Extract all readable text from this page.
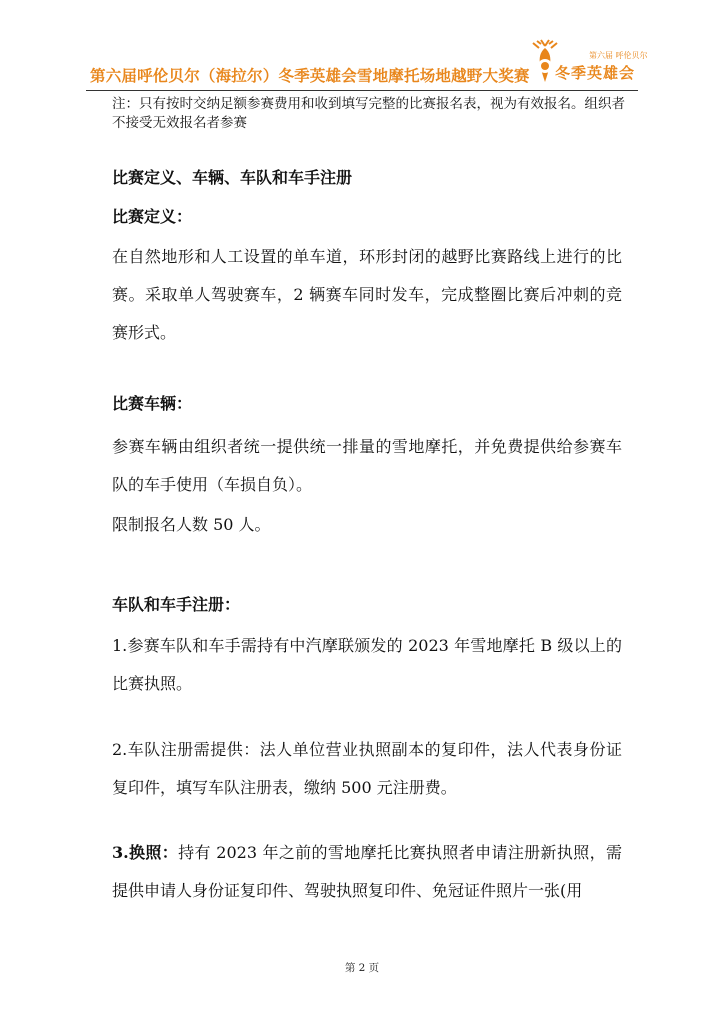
第六届呼伦贝尔（海拉尔）冬季英雄会雪地摩托场地越野大奖赛
第六届 呼伦贝尔
冬季英雄会
注：只有按时交纳足额参赛费用和收到填写完整的比赛报名表，视为有效报名。组织者不接受无效报名者参赛
比赛定义、车辆、车队和车手注册
比赛定义：
在自然地形和人工设置的单车道，环形封闭的越野比赛路线上进行的比赛。采取单人驾驶赛车，2 辆赛车同时发车，完成整圈比赛后冲刺的竞赛形式。
比赛车辆：
参赛车辆由组织者统一提供统一排量的雪地摩托，并免费提供给参赛车队的车手使用（车损自负）。
限制报名人数 50 人。
车队和车手注册：
1.参赛车队和车手需持有中汽摩联颁发的 2023 年雪地摩托 B 级以上的比赛执照。
2.车队注册需提供：法人单位营业执照副本的复印件，法人代表身份证复印件，填写车队注册表，缴纳 500 元注册费。
3.换照：持有 2023 年之前的雪地摩托比赛执照者申请注册新执照，需提供申请人身份证复印件、驾驶执照复印件、免冠证件照片一张(用
第 2 页
